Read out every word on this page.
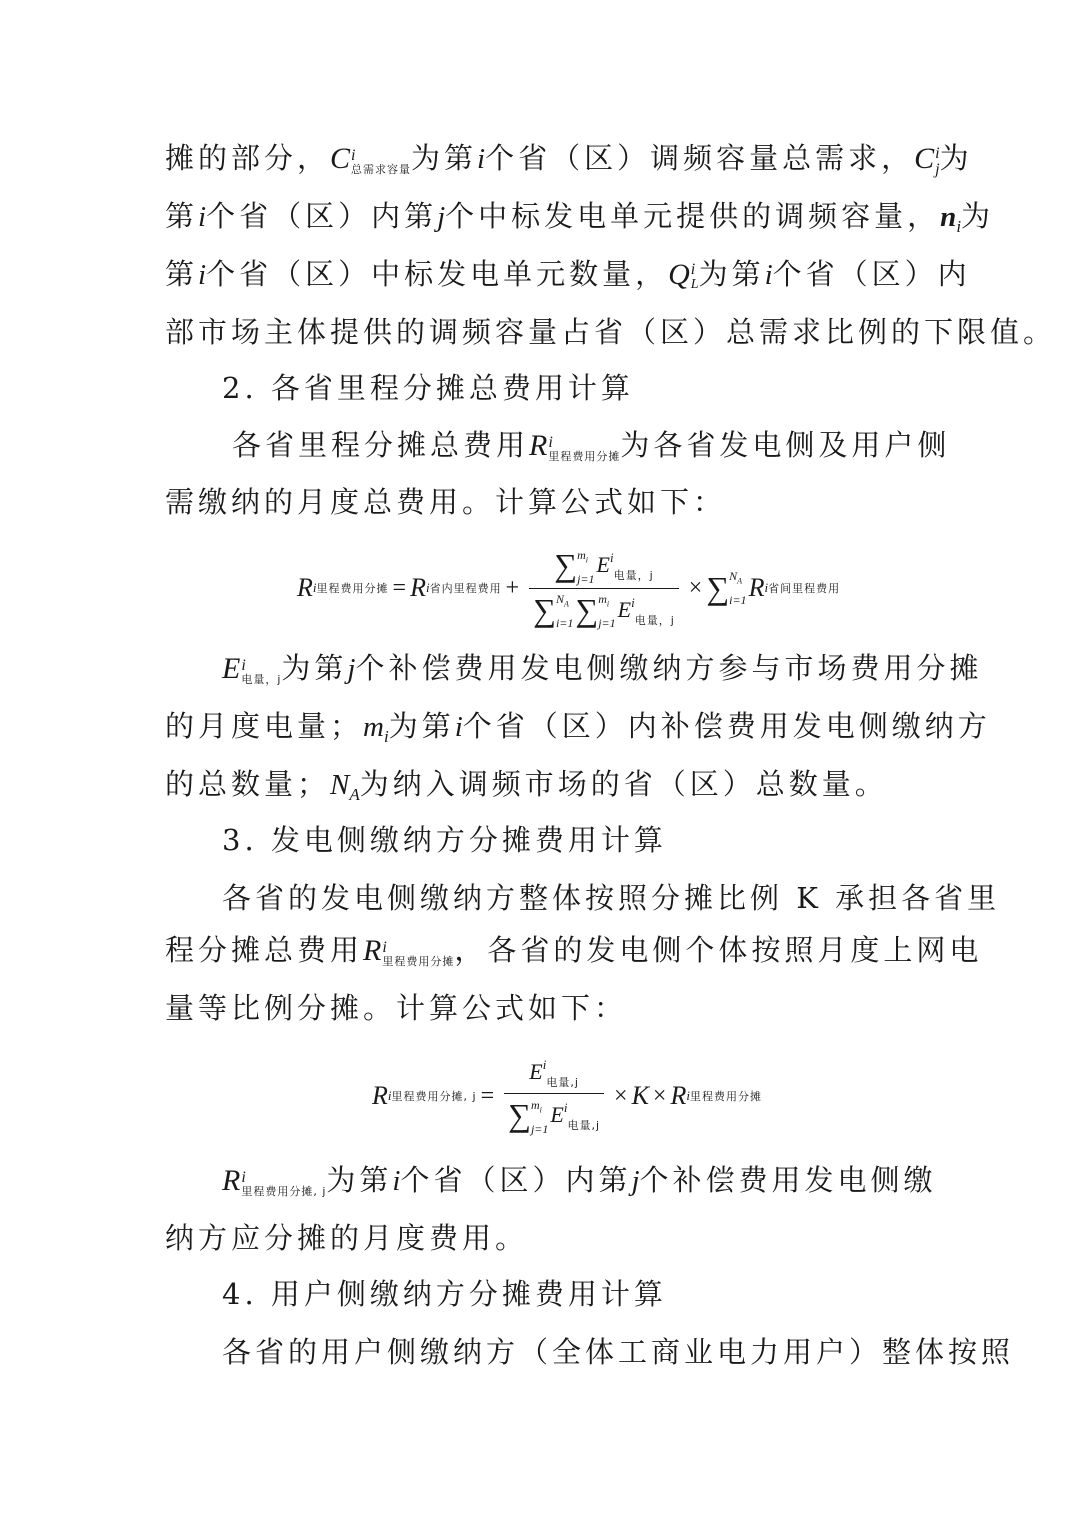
摊的部分，C i
总需求容量 为第i个省（区）调频容量总需求，C i
j 为
第i个省（区）内第j个中标发电单元提供的调频容量，$n_i$为
第i个省（区）中标发电单元数量，Q i
L 为第i个省（区）内
部市场主体提供的调频容量占省（区）总需求比例的下限值。
2. 各省里程分摊总费用计算
各省里程分摊总费用R i
里程费用分摊 为各省发电侧及用户侧
需缴纳的月度总费用。计算公式如下：
R i 里程费用分摊 = R i 省内里程费用 + ∑ $m_i$
j=1
$E^i_{电量,j}$
∑ $N_A$
i=1 ∑ $m_i$
j=1
$E^i_{电量,j}$ × ∑ $N_A$
i=1 R i 省间里程费用
E i
电量，j 为第j个补偿费用发电侧缴纳方参与市场费用分摊
的月度电量；$m_i$为第i个省（区）内补偿费用发电侧缴纳方
的总数量；$N_A$为纳入调频市场的省（区）总数量。
3. 发电侧缴纳方分摊费用计算
各省的发电侧缴纳方整体按照分摊比例 K 承担各省里
程分摊总费用R i
里程费用分摊 ，各省的发电侧个体按照月度上网电
量等比例分摊。计算公式如下：
R i 里程费用分摊, $j = E^i_{电量,j}$
∑ $m_i$
j=1
$E^i_{电量,j} \times K \times R$ i 里程费用分摊
R i
里程费用分摊, j 为第i个省（区）内第j个补偿费用发电侧缴
纳方应分摊的月度费用。
4. 用户侧缴纳方分摊费用计算
各省的用户侧缴纳方（全体工商业电力用户）整体按照
